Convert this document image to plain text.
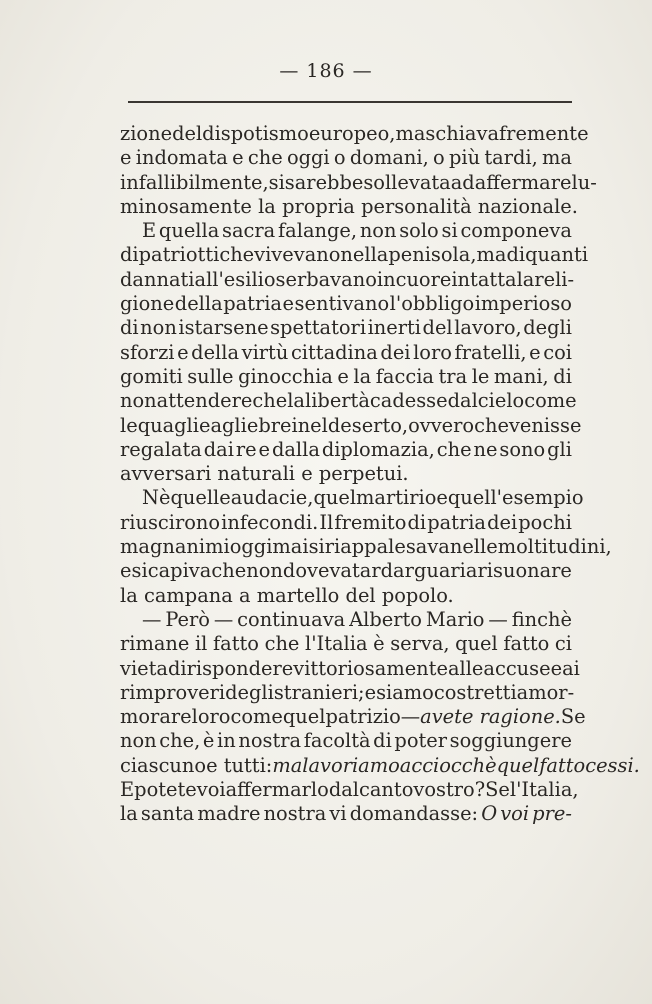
— 186 —
zione del dispotismo europeo, ma schiava fremente
e indomata e che oggi o domani, o più tardi, ma
infallibilmente, si sarebbe sollevata ad affermare lu-
minosamente la propria personalità nazionale.
E quella sacra falange, non solo si componeva
di patriotti che vivevano nella penisola, ma di quanti
dannati all'esilio serbavano in cuore intatta la reli-
gione della patria e sentivano l'obbligo imperioso
di non istarsene spettatori inerti del lavoro, degli
sforzi e della virtù cittadina dei loro fratelli, e coi
gomiti sulle ginocchia e la faccia tra le mani, di
non attendere che la libertà cadesse dal cielo come
le quaglie agli ebrei nel deserto, ovvero che venisse
regalata dai re e dalla diplomazia, che ne sono gli
avversari naturali e perpetui.
Nè quelle audacie, quel martirio e quell'esempio
riuscirono infecondi. Il fremito di patria dei pochi
magnanimi oggimai si riappalesava nelle moltitudini,
e si capiva che non doveva tardar guari a risuonare
la campana a martello del popolo.
— Però — continuava Alberto Mario — finchè
rimane il fatto che l'Italia è serva, quel fatto ci
vieta di rispondere vittoriosamente alle accuse e ai
rimproveri degli stranieri; e siamo costretti a mor-
morare loro come quel patrizio — avete ragione. Se
non che, è in nostra facoltà di poter soggiungere
ciascuno e tutti: ma lavoriamo acciocchè quel fatto cessi.
E potete voi affermarlo dal canto vostro? Se l'Italia,
la santa madre nostra vi domandasse: O voi pre-
